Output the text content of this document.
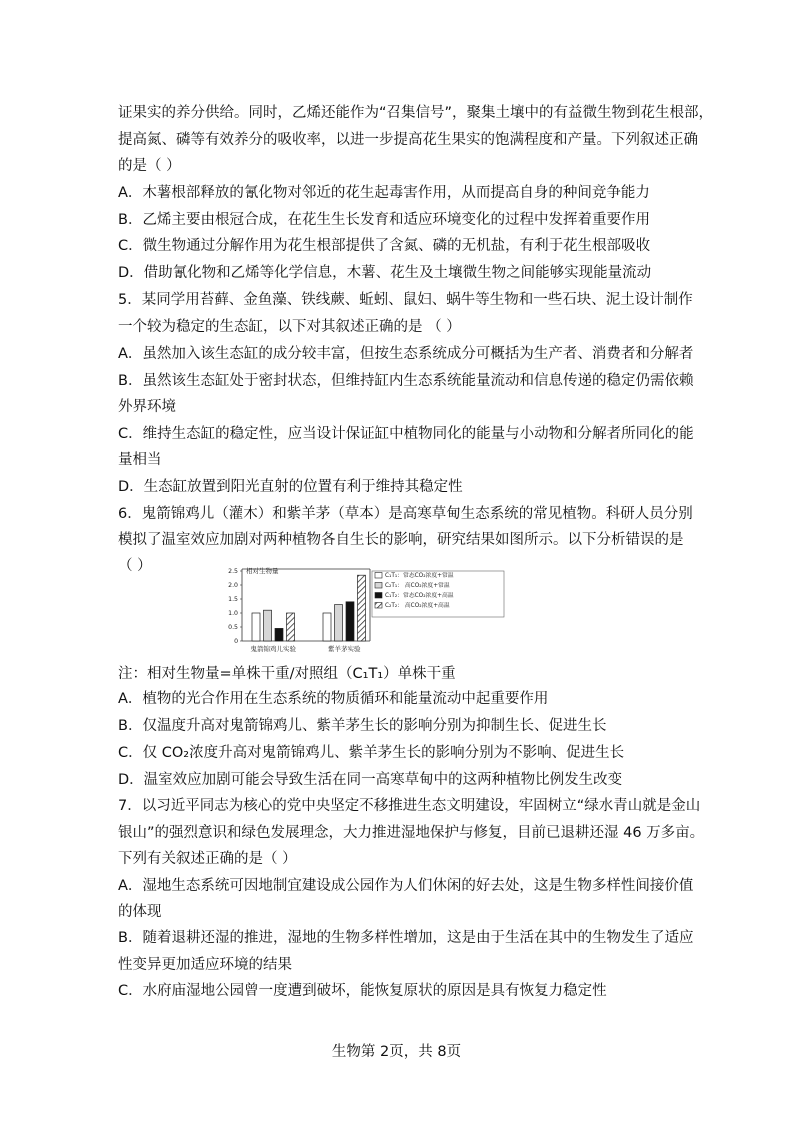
证果实的养分供给。同时，乙烯还能作为“召集信号”，聚集土壤中的有益微生物到花生根部，
提高氮、磷等有效养分的吸收率，以进一步提高花生果实的饱满程度和产量。下列叙述正确
的是（ ）
A．木薯根部释放的氰化物对邻近的花生起毒害作用，从而提高自身的种间竞争能力
B．乙烯主要由根冠合成，在花生生长发育和适应环境变化的过程中发挥着重要作用
C．微生物通过分解作用为花生根部提供了含氮、磷的无机盐，有利于花生根部吸收
D．借助氰化物和乙烯等化学信息，木薯、花生及土壤微生物之间能够实现能量流动
5．某同学用苔藓、金鱼藻、铁线蕨、蚯蚓、鼠妇、蜗牛等生物和一些石块、泥土设计制作
一个较为稳定的生态缸，以下对其叙述正确的是 （ ）
A．虽然加入该生态缸的成分较丰富，但按生态系统成分可概括为生产者、消费者和分解者
B．虽然该生态缸处于密封状态，但维持缸内生态系统能量流动和信息传递的稳定仍需依赖
外界环境
C．维持生态缸的稳定性，应当设计保证缸中植物同化的能量与小动物和分解者所同化的能
量相当
D．生态缸放置到阳光直射的位置有利于维持其稳定性
6．鬼箭锦鸡儿（灌木）和紫羊茅（草本）是高寒草甸生态系统的常见植物。科研人员分别
模拟了温室效应加剧对两种植物各自生长的影响，研究结果如图所示。以下分析错误的是
（ ）
注：相对生物量=单株干重/对照组（C₁T₁）单株干重
A．植物的光合作用在生态系统的物质循环和能量流动中起重要作用
B．仅温度升高对鬼箭锦鸡儿、紫羊茅生长的影响分别为抑制生长、促进生长
C．仅 CO₂浓度升高对鬼箭锦鸡儿、紫羊茅生长的影响分别为不影响、促进生长
D．温室效应加剧可能会导致生活在同一高寒草甸中的这两种植物比例发生改变
7．以习近平同志为核心的党中央坚定不移推进生态文明建设，牢固树立“绿水青山就是金山
银山”的强烈意识和绿色发展理念，大力推进湿地保护与修复，目前已退耕还湿 46 万多亩。
下列有关叙述正确的是（ ）
A．湿地生态系统可因地制宜建设成公园作为人们休闲的好去处，这是生物多样性间接价值
的体现
B．随着退耕还湿的推进，湿地的生物多样性增加，这是由于生活在其中的生物发生了适应
性变异更加适应环境的结果
C．水府庙湿地公园曾一度遭到破坏，能恢复原状的原因是具有恢复力稳定性
相对生物量
0
0.5
1.0
1.5
2.0
2.5
鬼箭锦鸡儿实验	紫羊茅实验
C₁T₁：常态CO₂浓度+常温
C₂T₁： 高CO₂浓度+常温
C₁T₂：常态CO₂浓度+高温
C₂T₂： 高CO₂浓度+高温
生物第 2页，共 8页
